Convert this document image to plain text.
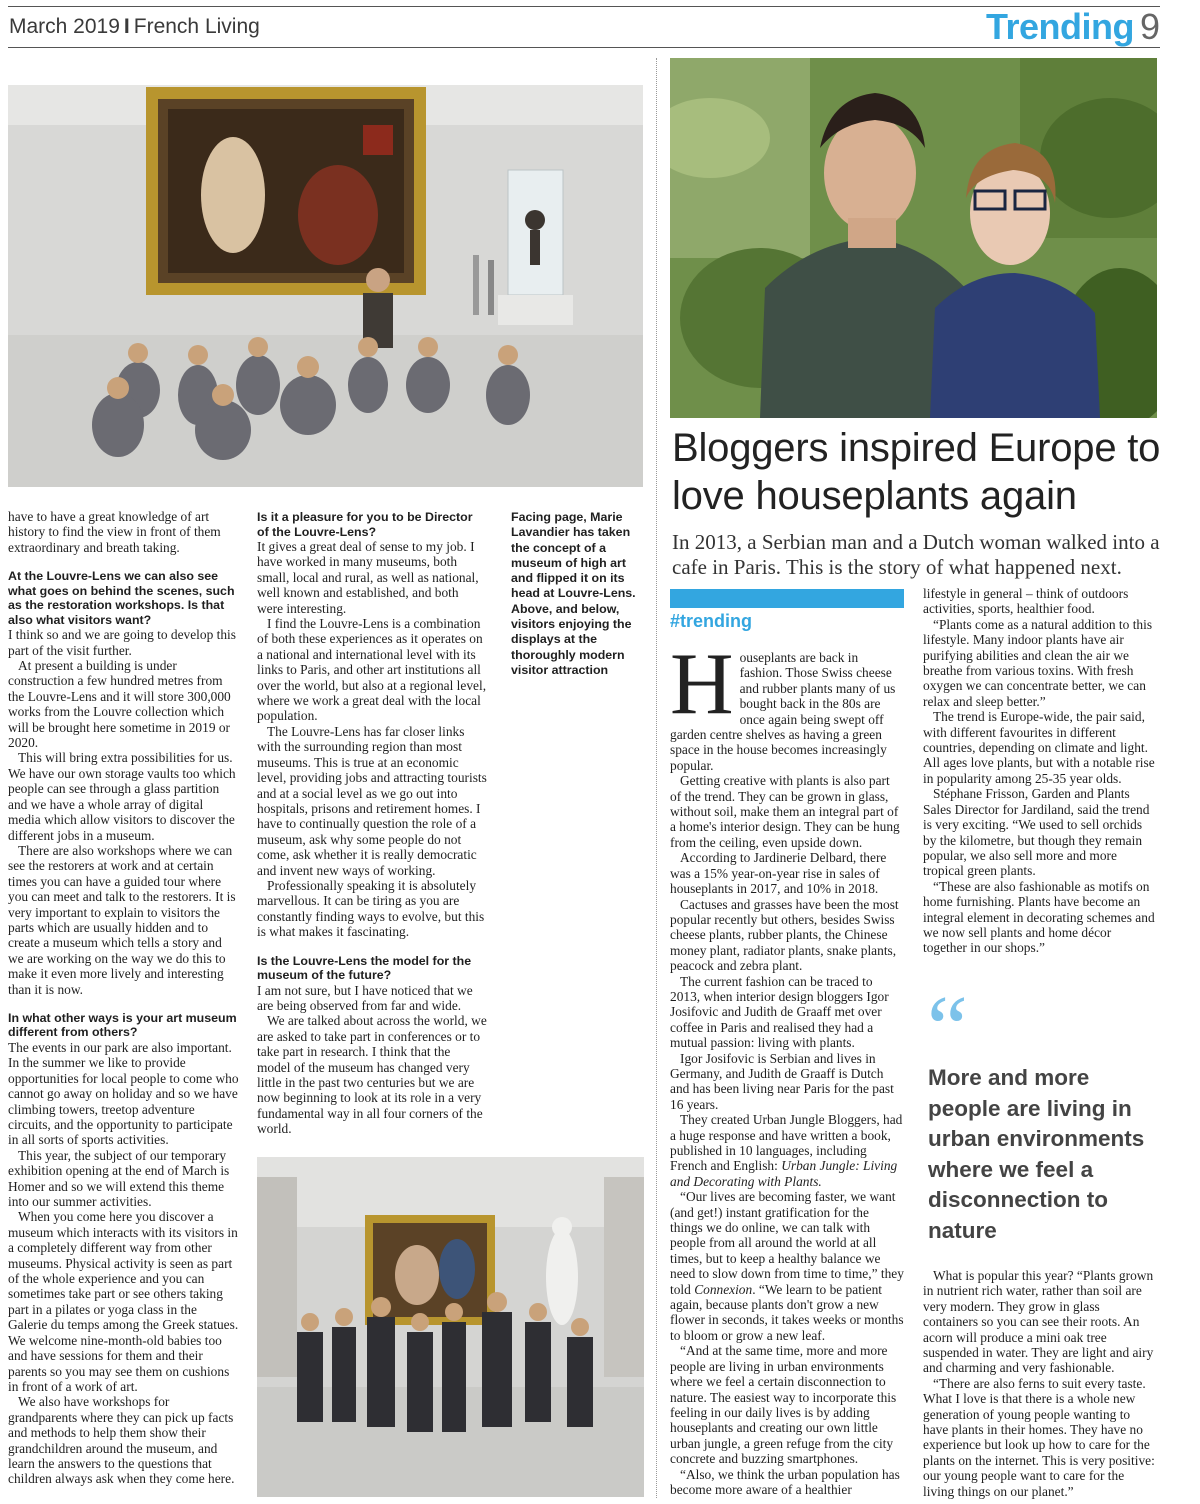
March 2019 I French Living	Trending 9

have to have a great knowledge of art history to find the view in front of them extraordinary and breath taking.

At the Louvre-Lens we can also see what goes on behind the scenes, such as the restoration workshops. Is that also what visitors want?

I think so and we are going to develop this part of the visit further.

At present a building is under construction a few hundred metres from the Louvre-Lens and it will store 300,000 works from the Louvre collection which will be brought here sometime in 2019 or 2020.

This will bring extra possibilities for us. We have our own storage vaults too which people can see through a glass partition and we have a whole array of digital media which allow visitors to discover the different jobs in a museum.

There are also workshops where we can see the restorers at work and at certain times you can have a guided tour where you can meet and talk to the restorers. It is very important to explain to visitors the parts which are usually hidden and to create a museum which tells a story and we are working on the way we do this to make it even more lively and interesting than it is now.

In what other ways is your art museum different from others?

The events in our park are also important. In the summer we like to provide opportunities for local people to come who cannot go away on holiday and so we have climbing towers, treetop adventure circuits, and the opportunity to participate in all sorts of sports activities.

This year, the subject of our temporary exhibition opening at the end of March is Homer and so we will extend this theme into our summer activities.

When you come here you discover a museum which interacts with its visitors in a completely different way from other museums. Physical activity is seen as part of the whole experience and you can sometimes take part or see others taking part in a pilates or yoga class in the Galerie du temps among the Greek statues. We welcome nine-month-old babies too and have sessions for them and their parents so you may see them on cushions in front of a work of art.

We also have workshops for grandparents where they can pick up facts and methods to help them show their grandchildren around the museum, and learn the answers to the questions that children always ask when they come here.

Is it a pleasure for you to be Director of the Louvre-Lens?

It gives a great deal of sense to my job. I have worked in many museums, both small, local and rural, as well as national, well known and established, and both were interesting.

I find the Louvre-Lens is a combination of both these experiences as it operates on a national and international level with its links to Paris, and other art institutions all over the world, but also at a regional level, where we work a great deal with the local population.

The Louvre-Lens has far closer links with the surrounding region than most museums. This is true at an economic level, providing jobs and attracting tourists and at a social level as we go out into hospitals, prisons and retirement homes. I have to continually question the role of a museum, ask why some people do not come, ask whether it is really democratic and invent new ways of working.

Professionally speaking it is absolutely marvellous. It can be tiring as you are constantly finding ways to evolve, but this is what makes it fascinating.

Is the Louvre-Lens the model for the museum of the future?

I am not sure, but I have noticed that we are being observed from far and wide.

We are talked about across the world, we are asked to take part in conferences or to take part in research. I think that the model of the museum has changed very little in the past two centuries but we are now beginning to look at its role in a very fundamental way in all four corners of the world.

Facing page, Marie Lavandier has taken the concept of a museum of high art and flipped it on its head at Louvre-Lens. Above, and below, visitors enjoying the displays at the thoroughly modern visitor attraction
Bloggers inspired Europe to love houseplants again
In 2013, a Serbian man and a Dutch woman walked into a cafe in Paris. This is the story of what happened next.
#trending

Houseplants are back in fashion. Those Swiss cheese and rubber plants many of us bought back in the 80s are once again being swept off garden centre shelves as having a green space in the house becomes increasingly popular.

Getting creative with plants is also part of the trend. They can be grown in glass, without soil, make them an integral part of a home's interior design. They can be hung from the ceiling, even upside down.

According to Jardinerie Delbard, there was a 15% year-on-year rise in sales of houseplants in 2017, and 10% in 2018.

Cactuses and grasses have been the most popular recently but others, besides Swiss cheese plants, rubber plants, the Chinese money plant, radiator plants, snake plants, peacock and zebra plant.

The current fashion can be traced to 2013, when interior design bloggers Igor Josifovic and Judith de Graaff met over coffee in Paris and realised they had a mutual passion: living with plants.

Igor Josifovic is Serbian and lives in Germany, and Judith de Graaff is Dutch and has been living near Paris for the past 16 years.

They created Urban Jungle Bloggers, had a huge response and have written a book, published in 10 languages, including French and English: Urban Jungle: Living and Decorating with Plants.

“Our lives are becoming faster, we want (and get!) instant gratification for the things we do online, we can talk with people from all around the world at all times, but to keep a healthy balance we need to slow down from time to time,” they told Connexion. “We learn to be patient again, because plants don't grow a new flower in seconds, it takes weeks or months to bloom or grow a new leaf.

“And at the same time, more and more people are living in urban environments where we feel a certain disconnection to nature. The easiest way to incorporate this feeling in our daily lives is by adding houseplants and creating our own little urban jungle, a green refuge from the city concrete and buzzing smartphones.

“Also, we think the urban population has become more aware of a healthier

lifestyle in general – think of outdoors activities, sports, healthier food.

“Plants come as a natural addition to this lifestyle. Many indoor plants have air purifying abilities and clean the air we breathe from various toxins. With fresh oxygen we can concentrate better, we can relax and sleep better.”

The trend is Europe-wide, the pair said, with different favourites in different countries, depending on climate and light. All ages love plants, but with a notable rise in popularity among 25-35 year olds.

Stéphane Frisson, Garden and Plants Sales Director for Jardiland, said the trend is very exciting. “We used to sell orchids by the kilometre, but though they remain popular, we also sell more and more tropical green plants.

“These are also fashionable as motifs on home furnishing. Plants have become an integral element in decorating schemes and we now sell plants and home décor together in our shops.”

“
More and more people are living in urban environments where we feel a disconnection to nature

What is popular this year? “Plants grown in nutrient rich water, rather than soil are very modern. They grow in glass containers so you can see their roots. An acorn will produce a mini oak tree suspended in water. They are light and airy and charming and very fashionable.

“There are also ferns to suit every taste. What I love is that there is a whole new generation of young people wanting to have plants in their homes. They have no experience but look up how to care for the plants on the internet. This is very positive: our young people want to care for the living things on our planet.”
